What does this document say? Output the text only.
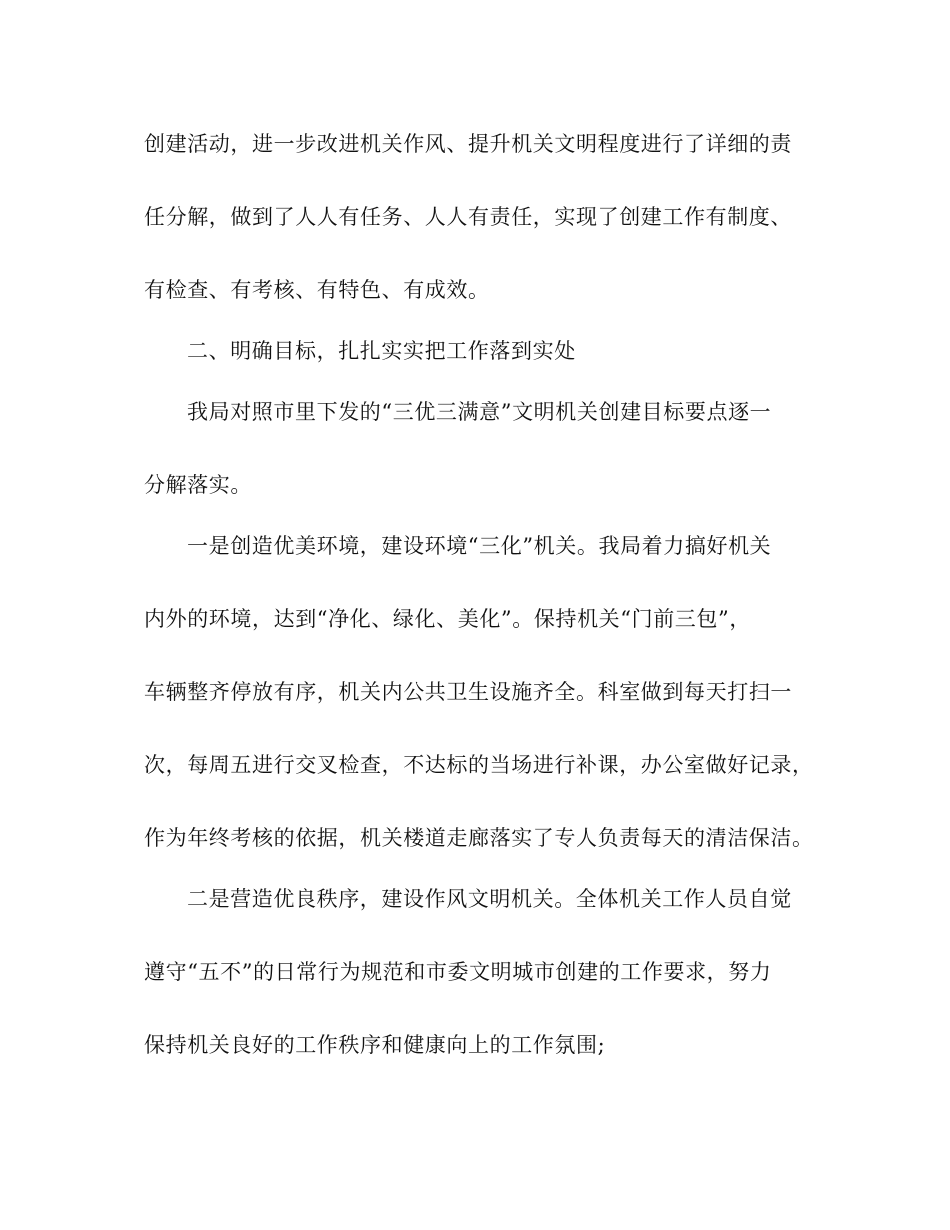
创建活动，进一步改进机关作风、提升机关文明程度进行了详细的责
任分解，做到了人人有任务、人人有责任，实现了创建工作有制度、
有检查、有考核、有特色、有成效。
二、明确目标，扎扎实实把工作落到实处
我局对照市里下发的“三优三满意”文明机关创建目标要点逐一
分解落实。
一是创造优美环境，建设环境“三化”机关。我局着力搞好机关
内外的环境，达到“净化、绿化、美化”。保持机关“门前三包”，
车辆整齐停放有序，机关内公共卫生设施齐全。科室做到每天打扫一
次，每周五进行交叉检查，不达标的当场进行补课，办公室做好记录，
作为年终考核的依据，机关楼道走廊落实了专人负责每天的清洁保洁。
二是营造优良秩序，建设作风文明机关。全体机关工作人员自觉
遵守“五不”的日常行为规范和市委文明城市创建的工作要求，努力
保持机关良好的工作秩序和健康向上的工作氛围;
